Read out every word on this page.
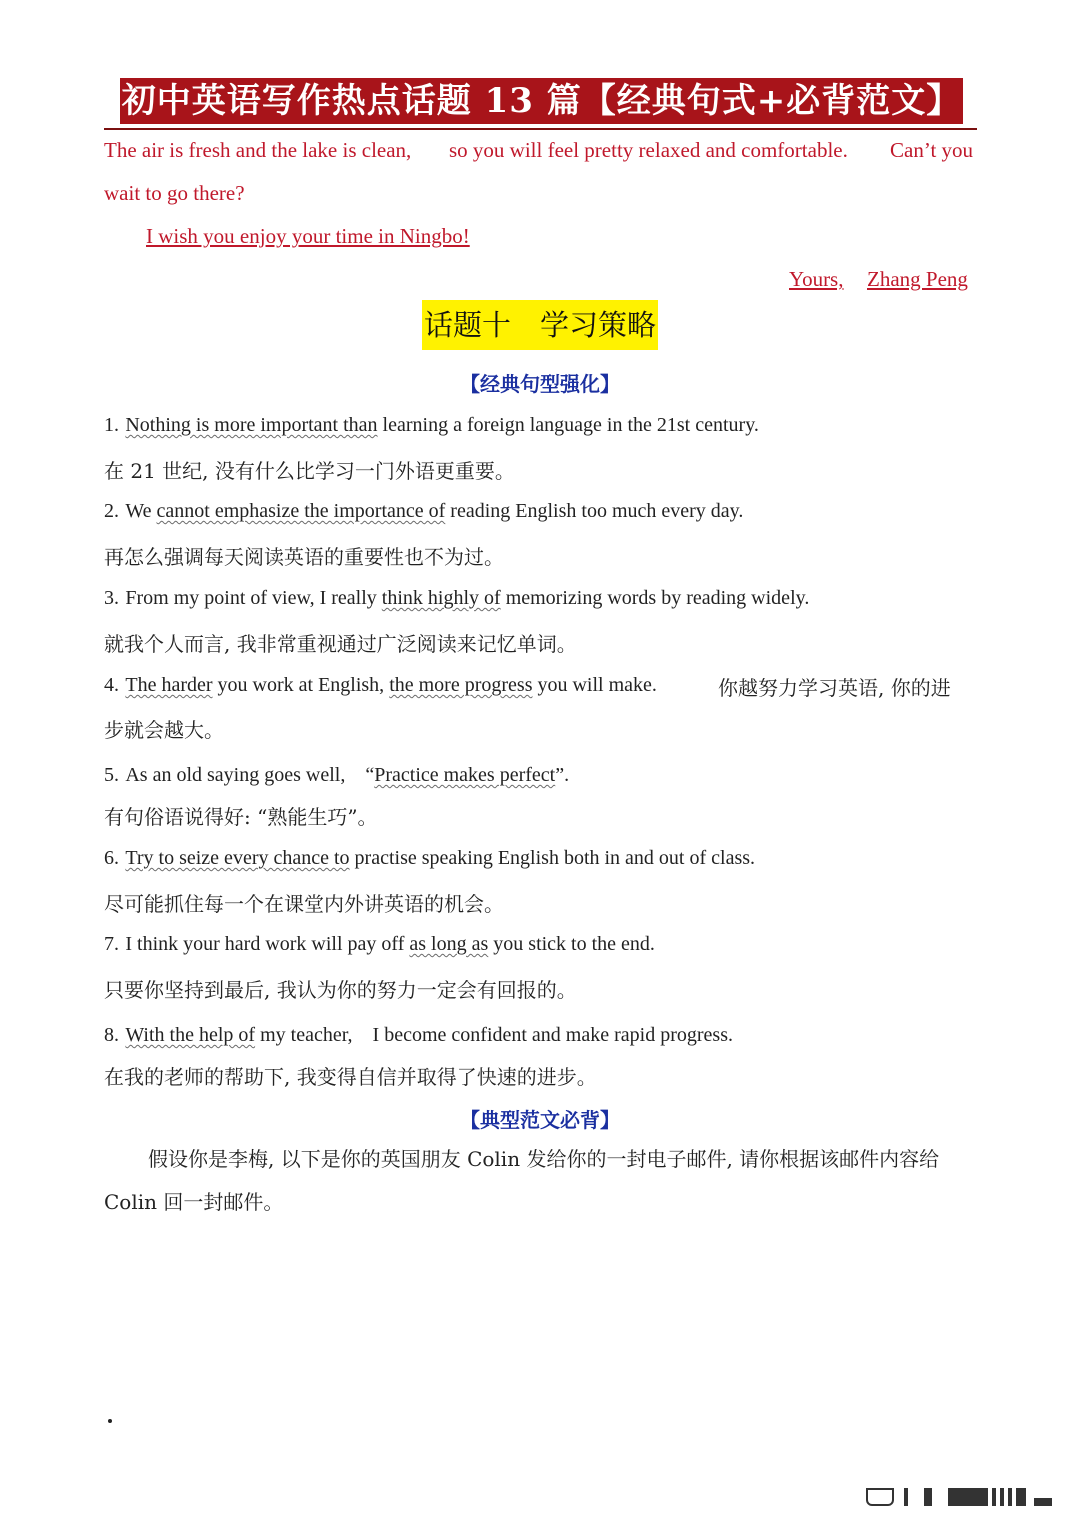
初中英语写作热点话题 13 篇【经典句式+必背范文】
The air is fresh and the lake is clean, so you will feel pretty relaxed and comfortable. Can’t you
wait to go there?
I wish you enjoy your time in Ningbo!
Yours,	Zhang Peng
话题十　学习策略
【经典句型强化】
1. Nothing is more important than learning a foreign language in the 21st century.
在 21 世纪, 没有什么比学习一门外语更重要。
2. We cannot emphasize the importance of reading English too much every day.
再怎么强调每天阅读英语的重要性也不为过。
3. From my point of view, I really think highly of memorizing words by reading widely.
就我个人而言, 我非常重视通过广泛阅读来记忆单词。
4. The harder you work at English, the more progress you will make.	你越努力学习英语, 你的进
步就会越大。
5. As an old saying goes well,　“Practice makes perfect”.
有句俗语说得好: “熟能生巧”。
6. Try to seize every chance to practise speaking English both in and out of class.
尽可能抓住每一个在课堂内外讲英语的机会。
7. I think your hard work will pay off as long as you stick to the end.
只要你坚持到最后, 我认为你的努力一定会有回报的。
8. With the help of my teacher,　I become confident and make rapid progress.
在我的老师的帮助下, 我变得自信并取得了快速的进步。
【典型范文必背】
假设你是李梅, 以下是你的英国朋友 Colin 发给你的一封电子邮件, 请你根据该邮件内容给 Colin 回一封邮件。
